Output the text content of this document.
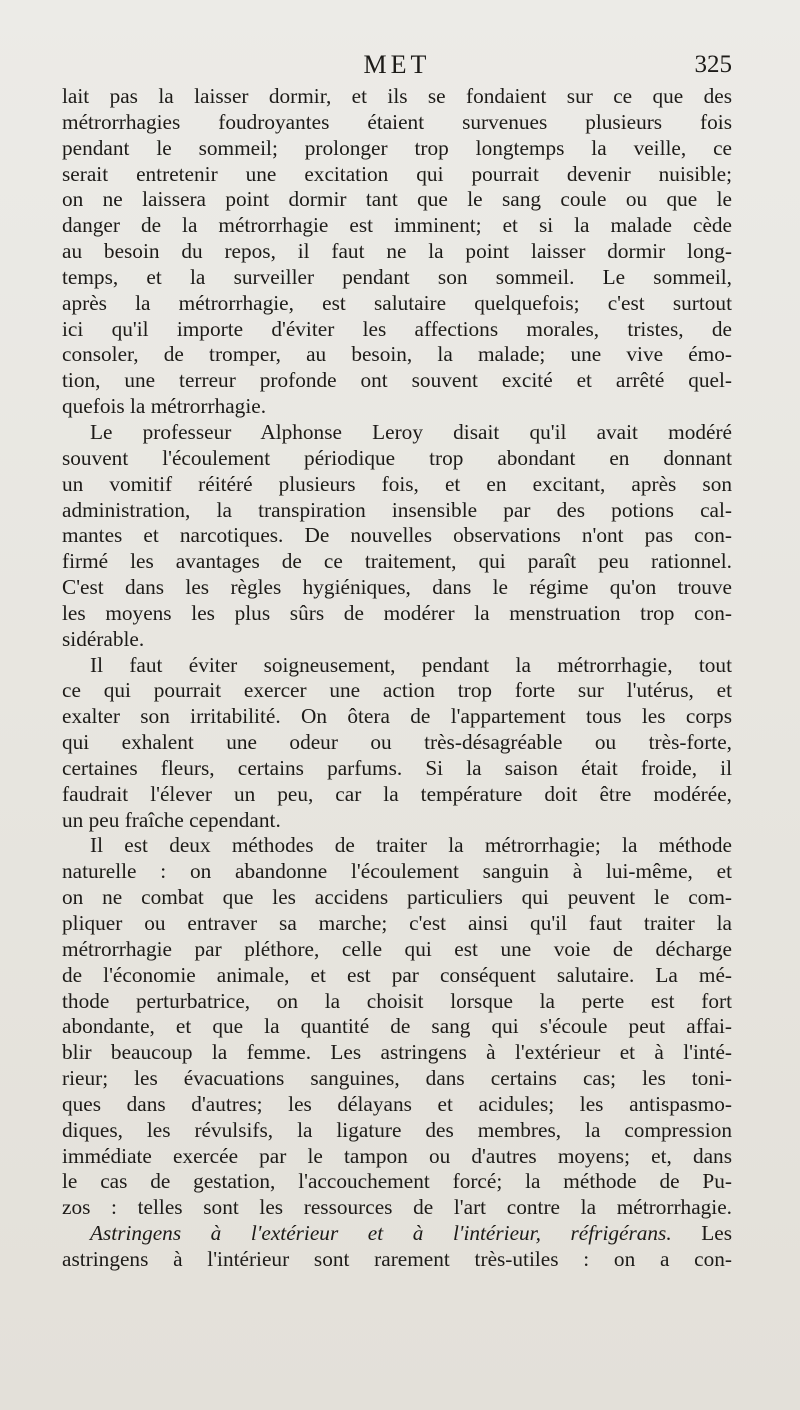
MET	325
lait pas la laisser dormir, et ils se fondaient sur ce que des
métrorrhagies foudroyantes étaient survenues plusieurs fois
pendant le sommeil; prolonger trop longtemps la veille, ce
serait entretenir une excitation qui pourrait devenir nuisible;
on ne laissera point dormir tant que le sang coule ou que le
danger de la métrorrhagie est imminent; et si la malade cède
au besoin du repos, il faut ne la point laisser dormir long-
temps, et la surveiller pendant son sommeil. Le sommeil,
après la métrorrhagie, est salutaire quelquefois; c'est surtout
ici qu'il importe d'éviter les affections morales, tristes, de
consoler, de tromper, au besoin, la malade; une vive émo-
tion, une terreur profonde ont souvent excité et arrêté quel-
quefois la métrorrhagie.
Le professeur Alphonse Leroy disait qu'il avait modéré
souvent l'écoulement périodique trop abondant en donnant
un vomitif réitéré plusieurs fois, et en excitant, après son
administration, la transpiration insensible par des potions cal-
mantes et narcotiques. De nouvelles observations n'ont pas con-
firmé les avantages de ce traitement, qui paraît peu rationnel.
C'est dans les règles hygiéniques, dans le régime qu'on trouve
les moyens les plus sûrs de modérer la menstruation trop con-
sidérable.
Il faut éviter soigneusement, pendant la métrorrhagie, tout
ce qui pourrait exercer une action trop forte sur l'utérus, et
exalter son irritabilité. On ôtera de l'appartement tous les corps
qui exhalent une odeur ou très-désagréable ou très-forte,
certaines fleurs, certains parfums. Si la saison était froide, il
faudrait l'élever un peu, car la température doit être modérée,
un peu fraîche cependant.
Il est deux méthodes de traiter la métrorrhagie; la méthode
naturelle : on abandonne l'écoulement sanguin à lui-même, et
on ne combat que les accidens particuliers qui peuvent le com-
pliquer ou entraver sa marche; c'est ainsi qu'il faut traiter la
métrorrhagie par pléthore, celle qui est une voie de décharge
de l'économie animale, et est par conséquent salutaire. La mé-
thode perturbatrice, on la choisit lorsque la perte est fort
abondante, et que la quantité de sang qui s'écoule peut affai-
blir beaucoup la femme. Les astringens à l'extérieur et à l'inté-
rieur; les évacuations sanguines, dans certains cas; les toni-
ques dans d'autres; les délayans et acidules; les antispasmo-
diques, les révulsifs, la ligature des membres, la compression
immédiate exercée par le tampon ou d'autres moyens; et, dans
le cas de gestation, l'accouchement forcé; la méthode de Pu-
zos : telles sont les ressources de l'art contre la métrorrhagie.
Astringens à l'extérieur et à l'intérieur, réfrigérans. Les
astringens à l'intérieur sont rarement très-utiles : on a con-
